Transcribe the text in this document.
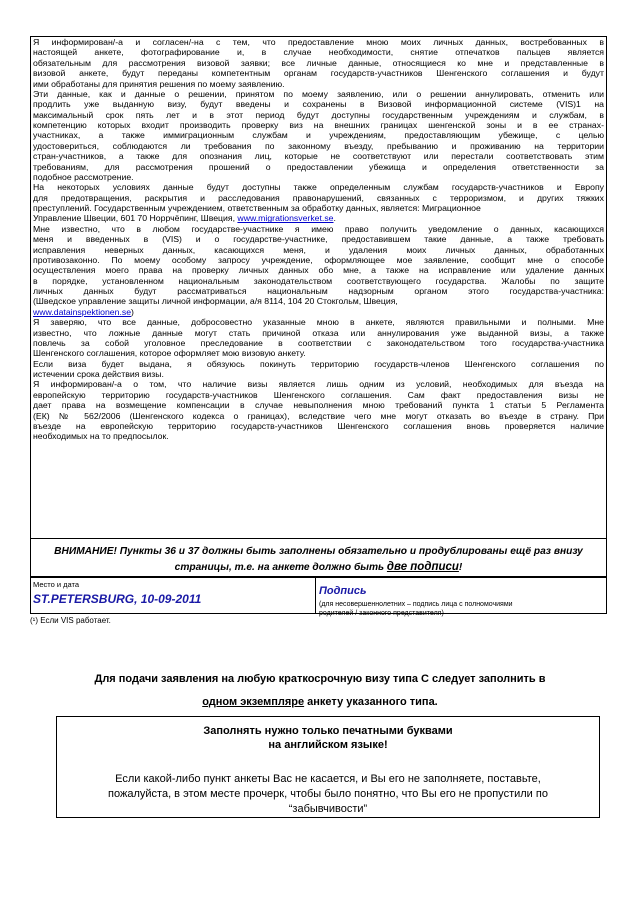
Я информирован/-а и согласен/-на с тем, что предоставление мною моих личных данных, востребованных в

настоящей анкете, фотографирование и, в случае необходимости, снятие отпечатков пальцев является

обязательным для рассмотрения визовой заявки; все личные данные, относящиеся ко мне и представленные в

визовой анкете, будут переданы компетентным органам государств-участников Шенгенского соглашения и будут

ими обработаны для принятия решения по моему заявлению.

Эти данные, как и данные о решении, принятом по моему заявлению, или о решении аннулировать, отменить или

продлить уже выданную визу, будут введены и сохранены в Визовой информационной системе (VIS)1 на

максимальный срок пять лет и в этот период будут доступны государственным учреждениям и службам, в

компетенцию которых входит производить проверку виз на внешних границах шенгенской зоны и в ее странах-

участниках, а также иммиграционным службам и учреждениям, предоставляющим убежище, с целью

удостовериться, соблюдаются ли требования по законному въезду, пребыванию и проживанию на территории

стран-участников, а также для опознания лиц, которые не соответствуют или перестали соответствовать этим

требованиям, для рассмотрения прошений о предоставлении убежища и определения ответственности за

подобное рассмотрение.

На некоторых условиях данные будут доступны также определенным службам государств-участников и Европу

для предотвращения, раскрытия и расследования правонарушений, связанных с терроризмом, и других тяжких

преступлений. Государственным учреждением, ответственным за обработку данных, является: Миграционное

Управление Швеции, 601 70 Норрчёпинг, Швеция, www.migrationsverket.se.

Мне известно, что в любом государстве-участнике я имею право получить уведомление о данных, касающихся

меня и введенных в (VIS) и о государстве-участнике, предоставившем такие данные, а также требовать

исправления неверных данных, касающихся меня, и удаления моих личных данных, обработанных

противозаконно. По моему особому запросу учреждение, оформляющее мое заявление, сообщит мне о способе

осуществления моего права на проверку личных данных обо мне, а также на исправление или удаление данных

в порядке, установленном национальным законодательством соответствующего государства. Жалобы по защите

личных данных будут рассматриваться национальным надзорным органом этого государства-участника:

(Шведское управление защиты личной информации, а/я 8114, 104 20 Стокгольм, Швеция,

www.datainspektionen.se)

Я заверяю, что все данные, добросовестно указанные мною в анкете, являются правильными и полными. Мне

известно, что ложные данные могут стать причиной отказа или аннулирования уже выданной визы, а также

повлечь за собой уголовное преследование в соответствии с законодательством того государства-участника

Шенгенского соглашения, которое оформляет мою визовую анкету.

Если виза будет выдана, я обязуюсь покинуть территорию государств-членов Шенгенского соглашения по

истечении срока действия визы.

Я информирован/-а о том, что наличие визы является лишь одним из условий, необходимых для въезда на

европейскую территорию государств-участников Шенгенского соглашения. Сам факт предоставления визы не

дает права на возмещение компенсации в случае невыполнения мною требований пункта 1 статьи 5 Регламента

(ЕК) № 562/2006 (Шенгенского кодекса о границах), вследствие чего мне могут отказать во въезде в страну. При

въезде на европейскую территорию государств-участников Шенгенского соглашения вновь проверяется наличие

необходимых на то предпосылок.

ВНИМАНИЕ! Пункты 36 и 37 должны быть заполнены обязательно и продублированы ещё раз внизу
страницы, т.е. на анкете должно быть две подписи!
Место и дата
ST.PETERSBURG, 10-09-2011
Подпись
(для несовершеннолетних – подпись лица с полномочиями
родителей / законного представителя)
(¹) Если VIS работает.
Для подачи заявления на любую краткосрочную визу типа С следует заполнить в
одном экземпляре анкету указанного типа.
Заполнять нужно только печатными буквами
на английском языке!
Если какой-либо пункт анкеты Вас не касается, и Вы его не заполняете, поставьте,
пожалуйста, в этом месте прочерк, чтобы было понятно, что Вы его не пропустили по
“забывчивости”
